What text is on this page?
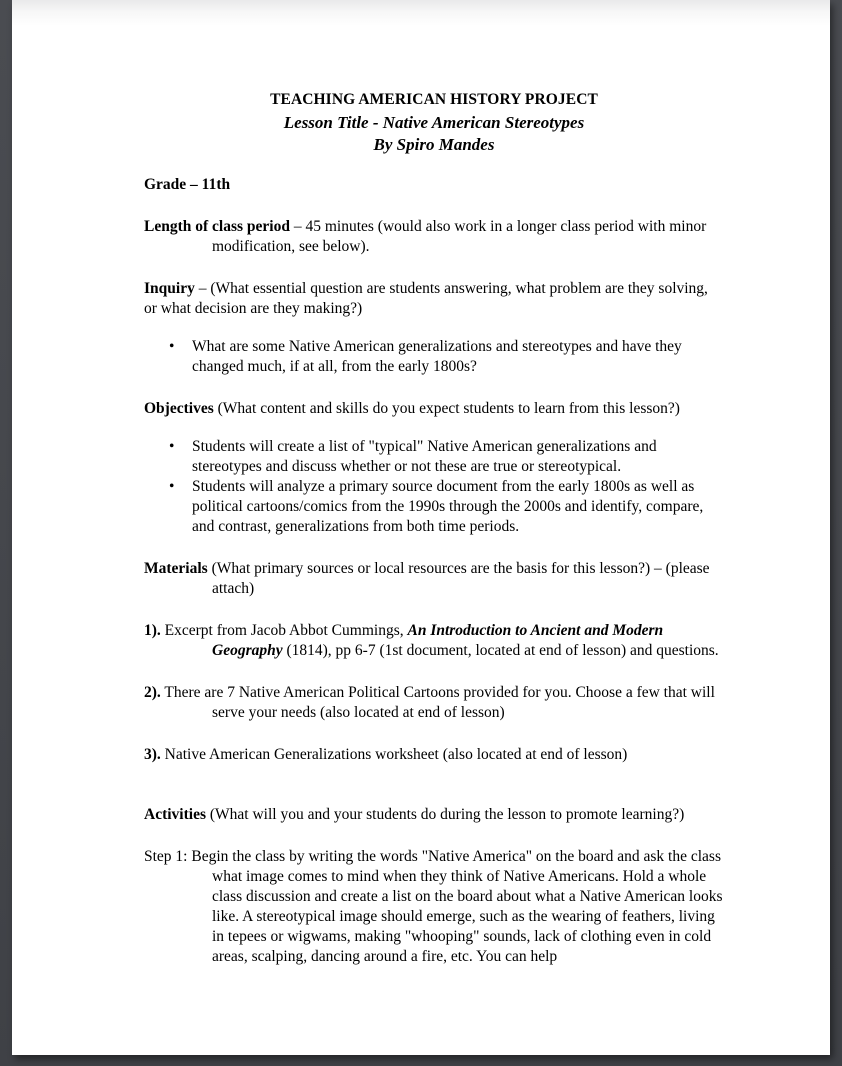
TEACHING AMERICAN HISTORY PROJECT
Lesson Title - Native American Stereotypes
By Spiro Mandes
Grade – 11th
Length of class period – 45 minutes (would also work in a longer class period with minor modification, see below).
Inquiry – (What essential question are students answering, what problem are they solving, or what decision are they making?)
• What are some Native American generalizations and stereotypes and have they changed much, if at all, from the early 1800s?
Objectives (What content and skills do you expect students to learn from this lesson?)
• Students will create a list of "typical" Native American generalizations and stereotypes and discuss whether or not these are true or stereotypical.
• Students will analyze a primary source document from the early 1800s as well as political cartoons/comics from the 1990s through the 2000s and identify, compare, and contrast, generalizations from both time periods.
Materials (What primary sources or local resources are the basis for this lesson?) – (please attach)
1). Excerpt from Jacob Abbot Cummings, An Introduction to Ancient and Modern Geography (1814), pp 6-7 (1st document, located at end of lesson) and questions.
2). There are 7 Native American Political Cartoons provided for you. Choose a few that will serve your needs (also located at end of lesson)
3). Native American Generalizations worksheet (also located at end of lesson)
Activities (What will you and your students do during the lesson to promote learning?)
Step 1: Begin the class by writing the words "Native America" on the board and ask the class what image comes to mind when they think of Native Americans. Hold a whole class discussion and create a list on the board about what a Native American looks like. A stereotypical image should emerge, such as the wearing of feathers, living in tepees or wigwams, making "whooping" sounds, lack of clothing even in cold areas, scalping, dancing around a fire, etc. You can help
